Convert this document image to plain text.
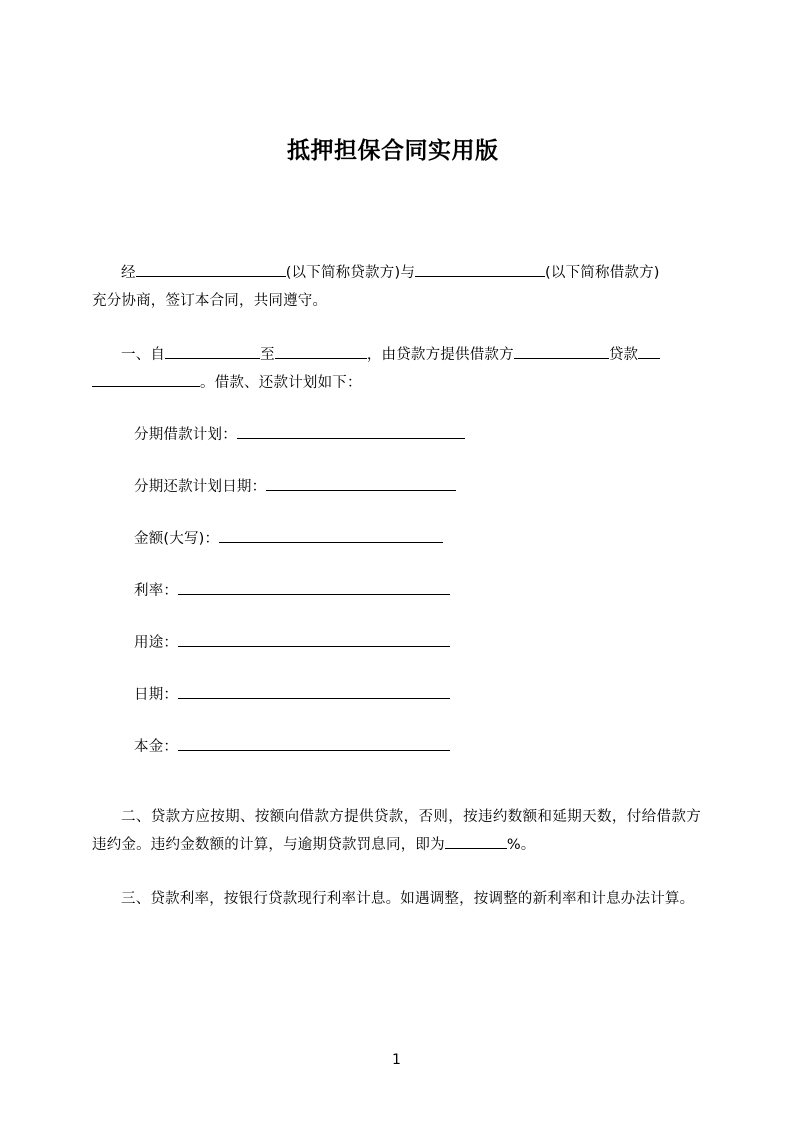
抵押担保合同实用版

经	(以下简称贷款方)与	(以下简称借款方)

充分协商，签订本合同，共同遵守。

一、自	至	，由贷款方提供借款方	贷款

。借款、还款计划如下：

分期借款计划：

分期还款计划日期：

金额(大写)：

利率：

用途：

日期：

本金：

二、贷款方应按期、按额向借款方提供贷款，否则，按违约数额和延期天数，付给借款方违约金。违约金数额的计算，与逾期贷款罚息同，即为	%。

三、贷款利率，按银行贷款现行利率计息。如遇调整，按调整的新利率和计息办法计算。

1
